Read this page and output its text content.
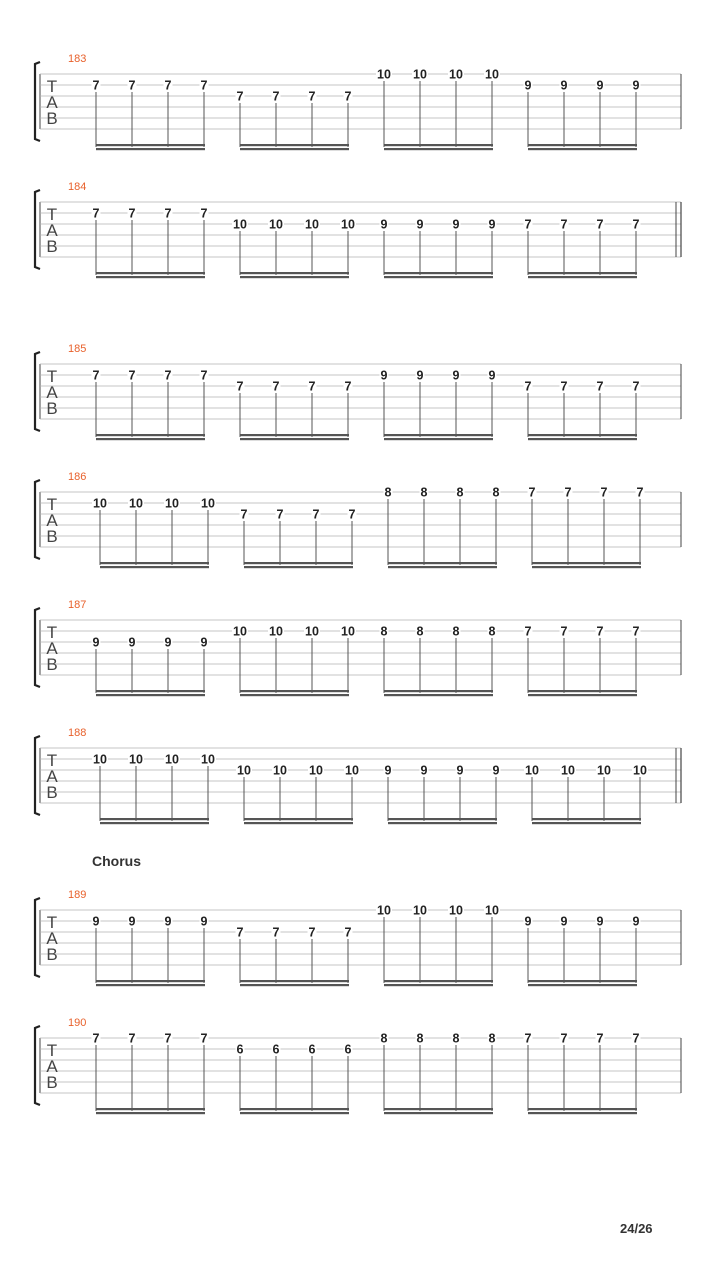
183
T
A
B
7 7 7 7
7 7 7 7
10 10 10 10
9 9 9 9
184
T
A
B
7 7 7 7
10 10 10 10 9 9 9 9 7 7 7 7
185
T
A
B
7 7 7 7
7 7 7 7
9 9 9 9
7 7 7 7
186
T
A
B
10 10 10 10
7 7 7 7
8 8 8 8 7 7 7 7
187
T
A
B
9 9 9 9
10 10 10 10 8 8 8 8 7 7 7 7
188
T
A
B
10 10 10 10
10 10 10 10 9 9 9 9 10 10 10 10
Chorus
189
T
A
B
9 9 9 9
7 7 7 7
10 10 10 10
9 9 9 9
190
T
A
B
7 7 7 7
6 6 6 6
8 8 8 8 7 7 7 7
24/26
